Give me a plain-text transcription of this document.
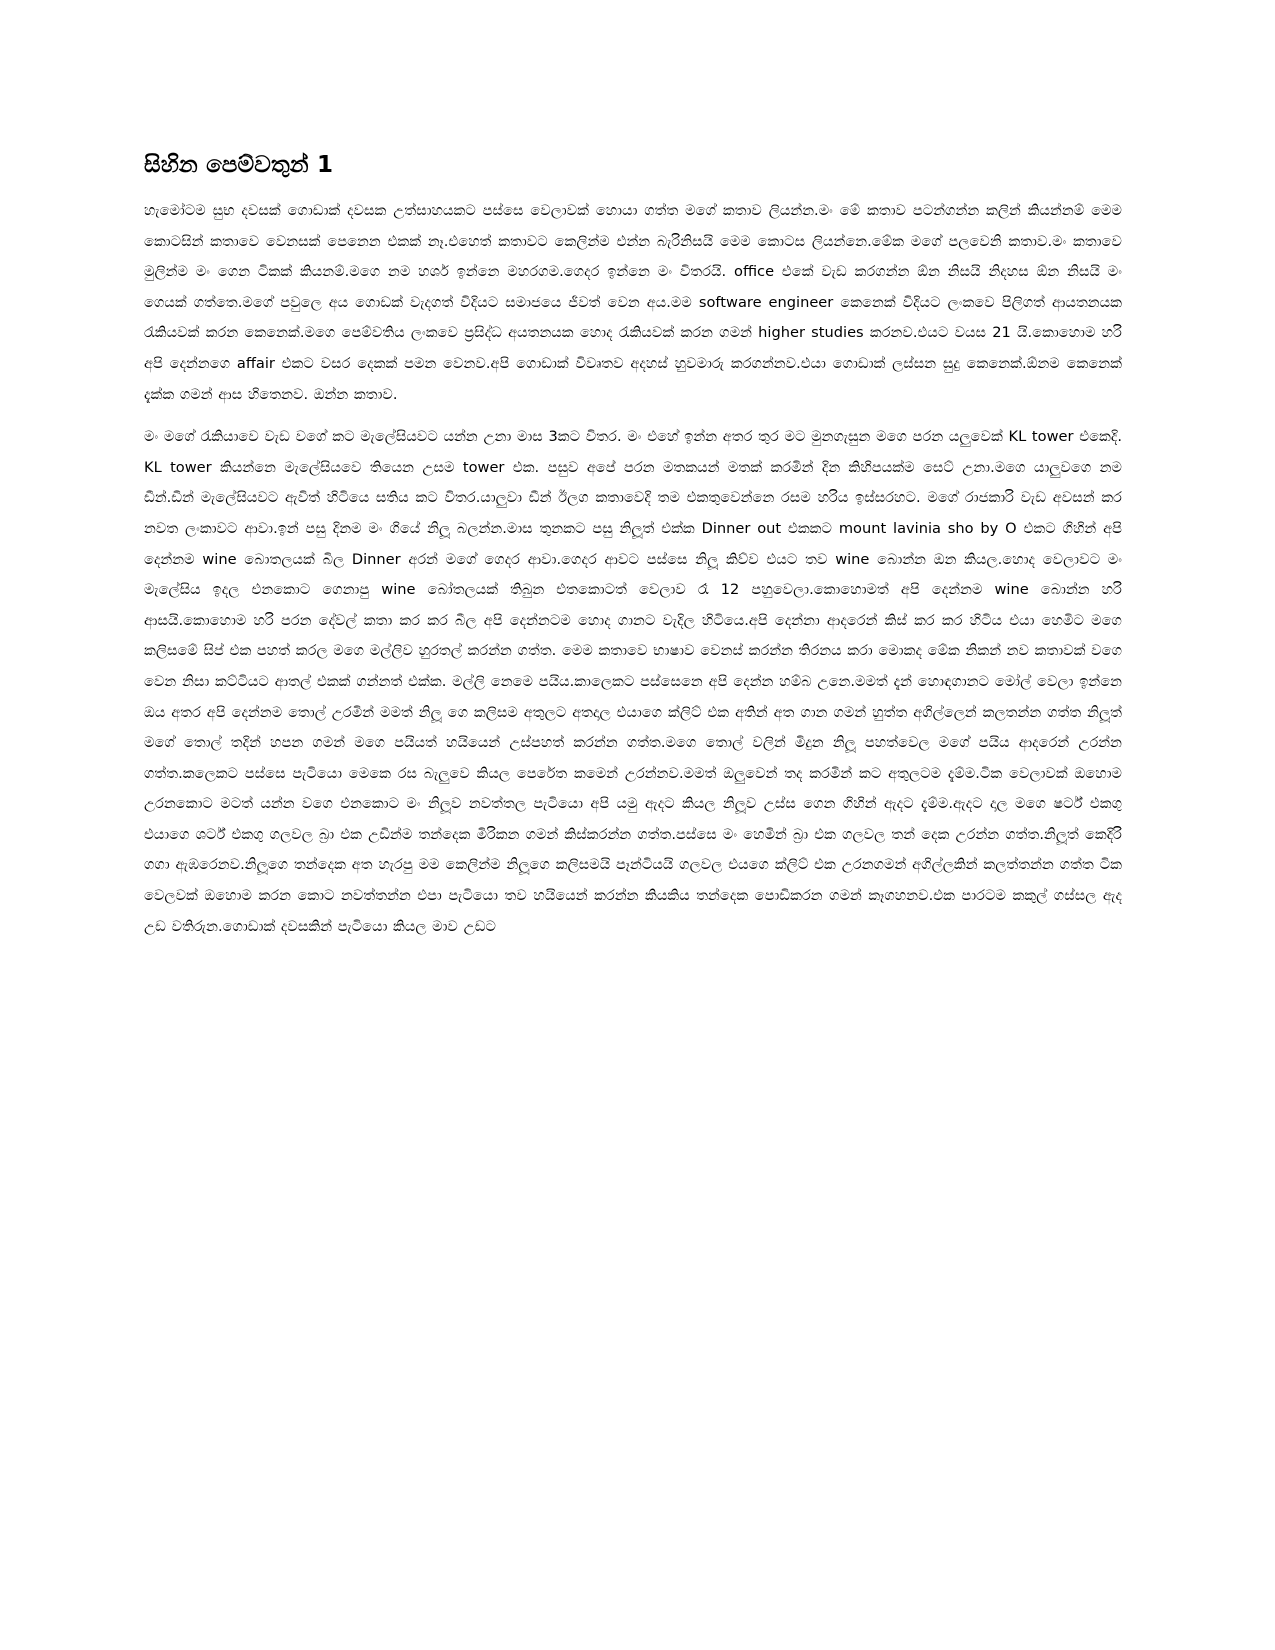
සිහින පෙම්වතුන් 1

හැමෝටම සුභ දවසක් ගොඩාක් දවසක උත්සාහයකට පස්සෙ වෙලාවක් හොයා ගත්ත මගේ කතාව ලියන්න.මං මේ කතාව පටන්ගන්න කලින් කියන්නම් මෙම කොටසින් කතාවෙ වෙනසක් පෙනෙන එකක් නෑ.එහෙත් කතාවට කෙලින්ම එන්න බැරිනිසයි මෙම කොටස ලියන්නෙ.මේක මගේ පලවෙනි කතාව.මං කතාවෙ මුලින්ම මං ගෙන ටිකක් කියනම්.මගෙ නම හර්ශ ඉන්නෙ මහරගම.ගෙදර ඉන්නෙ මං විතරයි. office එකේ වැඩ කරගන්න ඕන නිසයි නිදහස ඕන නිසයි මං ගෙයක් ගත්තෙ.මගේ පවුලෙ අය ගොඩක් වැදගත් විදියට සමාජයෙ ජීවත් වෙන අය.මම software engineer කෙනෙක් විදියට ලංකවෙ පිලිගත් ආයතනයක රැකියවක් කරන කෙනෙක්.මගෙ පෙම්වතිය ලංකවෙ ප්‍රසිද්ධ අයතනයක හොද රැකියවක් කරන ගමන් higher studies කරනව.එයට වයස 21 යි.කොහොම හරි අපි දෙන්නගෙ affair එකට වසර දෙකක් පමන වෙනව.අපි ගොඩාක් විවෘතව අදහස් හුවමාරු කරගන්නව.එයා ගොඩාක් ලස්සන සුදු කෙනෙක්.ඕනම කෙනෙක් දැක්ක ගමන් ආස හිතෙනව. ඔන්න කතාව.

මං මගේ රැකියාවෙ වැඩ වගේ කට මැලේසියවට යන්න උනා මාස 3කට විතර. මං එහේ ඉන්න අතර තුර මට මුනගැසුන මගෙ පරන යලුවෙක් KL tower එකෙදි. KL tower කියන්නෙ මැලේසියවෙ තියෙන උසම tower එක. පසුව අපේ පරන මතකයන් මතක් කරමින් දින කිහිපයක්ම සෙට් උනා.මගෙ යාලුවගෙ නම ඩීන්.ඩීන් මැලේසියවට ඇවිත් හිටියෙ සතිය කට විතර.යාලුවා ඩීන් ඊලග කතාවෙදි තම එකතුවෙන්නෙ රසම හරිය ඉස්සරහට. මගේ රාජකාරි වැඩ අවසන් කර නවත ලංකාවට ආවා.ඉන් පසු දිනම මං ගියේ නිලූ බලන්න.මාස තුනකට පසු නිලූත් එක්ක Dinner out එකකට mount lavinia sho by O එකට ගිහින් අපි දෙන්නම wine බොතලයක් බිල Dinner අරන් මගේ ගෙදර ආවා.ගෙදර ආවට පස්සෙ නිලූ කිව්ව එයට තව wine බොන්න ඔන කියල.හොද වෙලාවට මං මැලේසිය ඉදල එනකොට ගෙනාපු wine බෝතලයක් තිබුන එතකොටත් වෙලාව රෑ 12 පහුවෙලා.කොහොමත් අපි දෙන්නම wine බොන්න හරි ආසයි.කොහොම හරි පරන දේවල් කතා කර කර බීල අපි දෙන්නටම හොද ගානට වැදිල හිටියෙ.අපි දෙන්නා ආදරෙන් කිස් කර කර හිටිය එයා හෙමිට මගෙ කලිසමේ සිප් එක පහත් කරල මගෙ මල්ලිව හුරතල් කරන්න ගත්ත. මෙම කතාවෙ භාෂාව වෙනස් කරන්න තිරනය කරා මොකද මේක නිකන් නව කතාවක් වගෙ වෙන නිසා කට්ටියට ආතල් එකක් ගන්නත් එක්ක. මල්ලි නෙමෙ පයිය.කාලෙකට පස්සෙනෙ අපි දෙන්න හම්බ උනෙ.මමත් දැන් හොඳගානට මෝල් වෙලා ඉන්නෙ ඔය අතර අපි දෙන්නම තොල් උරමින් මමත් නිලූ ගෙ කලිසම අතුලට අතදාල එයාගෙ ක්ලිට් එක අතින් අත ගාන ගමන් හුත්ත අගිල්ලෙන් කලතන්න ගත්ත නිලූත් මගේ තොල් තදින් හපන ගමන් මගෙ පයියත් හයියෙන් උස්පහත් කරන්න ගත්ත.මගෙ තොල් වලින් මිදුන නිලූ පහත්වෙල මගේ පයිය ආදරෙන් උරන්න ගත්ත.කලෙකට පස්සෙ පැටියො මෙකෙ රස බැලුවෙ කියල පෙරේත කමෙන් උරන්නව.මමත් ඔලුවෙන් තද කරමින් කට අතුලටම දැම්ම.ටික වෙලාවක් ඔහොම උරනකොට මටත් යන්න වගෙ එනකොට මං නිලූව නවත්තල පැටියො අපි යමු ඇදට කියල නිලූව උස්ස ගෙන ගිහින් ඇදට දැම්ම.ඇදට දාල මගෙ ෂර්ට් එකගු එයාගෙ ශර්ට් එකගු ගලවල බ්‍රා එක උඩින්ම තන්දෙක මිරිකන ගමන් කිස්කරන්න ගත්ත.පස්සෙ මං හෙමින් බ්‍රා එක ගලවල තන් දෙක උරන්න ගත්ත.නිලූත් කෙදිරි ගගා ඇඹරෙනව.නිලූගෙ තන්දෙක අත හැරපු මම කෙලින්ම නිලූගෙ කලිසමයි පෑන්ටියයි ගලවල එයගෙ ක්ලිට් එක උරනගමන් අගිල්ලකින් කලත්තන්න ගත්ත ටික වෙලවක් ඔහොම කරන කොට නවත්තන්න එපා පැටියො තව හයියෙන් කරන්න කියකිය තන්දෙක පොඩිකරන ගමන් කෑගහනව.එක පාරටම කකුල් ගස්සල ඇද උඩ වතිරුන.ගොඩාක් දවසකින් පැටියො කියල මාව උඩට
